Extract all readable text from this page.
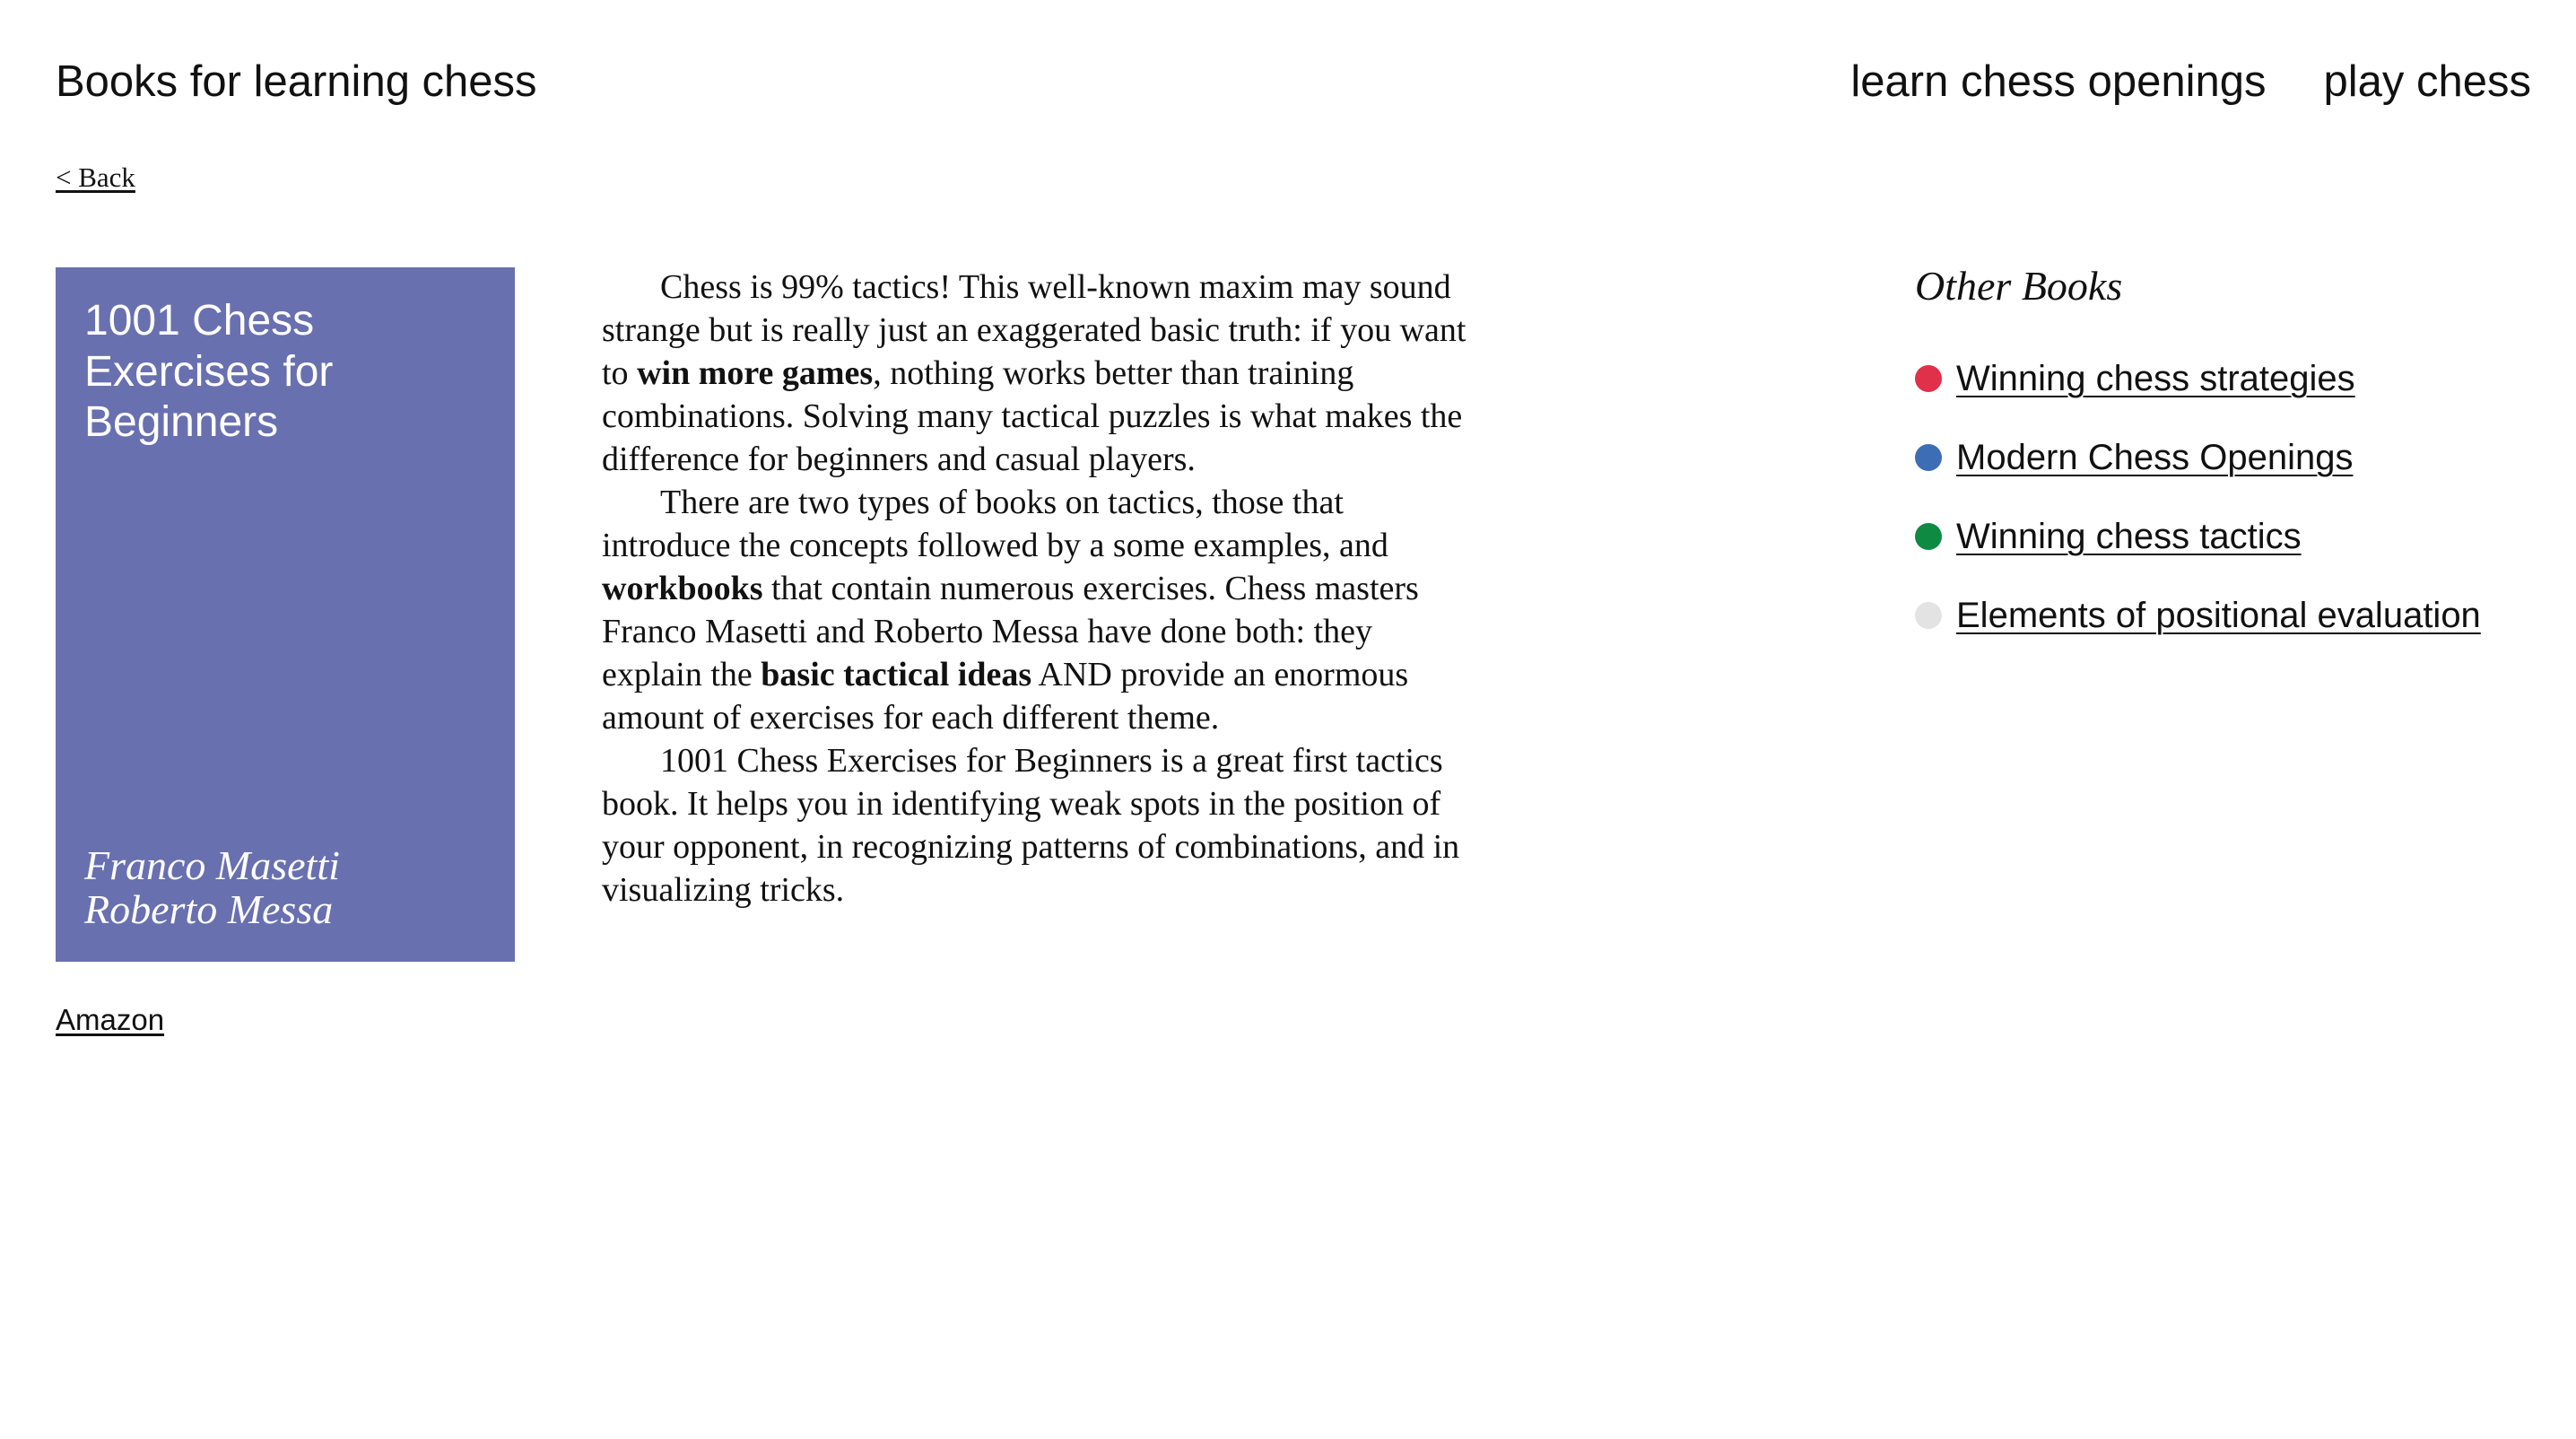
Books for learning chess	learn chess openings play chess
< Back
1001 Chess Exercises for Beginners
Franco Masetti
Roberto Messa
Amazon

Chess is 99% tactics! This well-known maxim may sound strange but is really just an exaggerated basic truth: if you want to win more games, nothing works better than training combinations. Solving many tactical puzzles is what makes the difference for beginners and casual players.

There are two types of books on tactics, those that introduce the concepts followed by a some examples, and workbooks that contain numerous exercises. Chess masters Franco Masetti and Roberto Messa have done both: they explain the basic tactical ideas AND provide an enormous amount of exercises for each different theme.

1001 Chess Exercises for Beginners is a great first tactics book. It helps you in identifying weak spots in the position of your opponent, in recognizing patterns of combinations, and in visualizing tricks.

Other Books
Winning chess strategies
Modern Chess Openings
Winning chess tactics
Elements of positional evaluation
